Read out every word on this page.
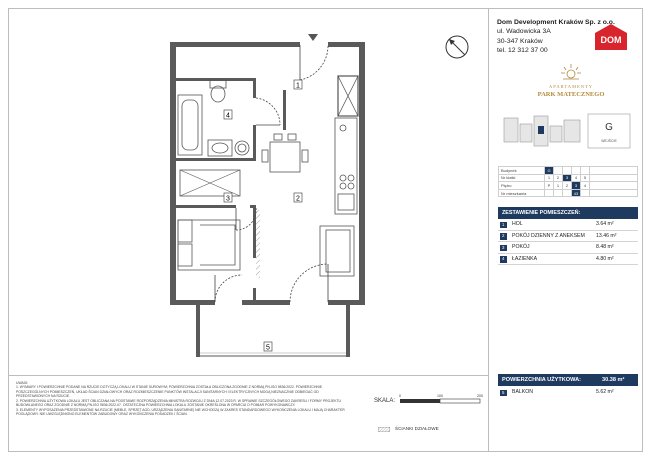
1
2
3
4
5
Dom Development Kraków Sp. z o.o.
ul. Wadowicka 3A
30-347 Kraków
tel. 12 312 37 00
DOM
APARTAMENTY
PARK MATECZNEGO
G
WEJŚCIE
Budynek	G					
Nr klatki	1	2	3	4	5	
Piętro	P	1	2	3	4	
Nr mieszkania				43		
ZESTAWIENIE POMIESZCZEŃ:
1	HOL	3.64 m²
2	POKÓJ DZIENNY Z ANEKSEM 13.46 m²
3	POKÓJ	8.48 m²
4	ŁAZIENKA	4.80 m²
POWIERZCHNIA UŻYTKOWA:	30.38 m²
5	BALKON	5.62 m²

UWAGI:

1. WYMIARY I POWIERZCHNIE PODANE NA RZUCIE DOTYCZĄ LOKALU W STANIE SUROWYM; POWIERZCHNIA ZOSTAŁA OBLICZONA ZGODNIE Z NORMĄ PN-ISO 9836:2022. POWIERZCHNIE POSZCZEGÓLNYCH POMIESZCZEŃ, UKŁAD ŚCIAN DZIAŁOWYCH ORAZ ROZMIESZCZENIE PUNKTÓW INSTALACJI SANITARNYCH I ELEKTRYCZNYCH MOGĄ NIEZNACZNIE ODBIEGAĆ OD PRZEDSTAWIONYCH NA RZUCIE.

2. POWIERZCHNIA UŻYTKOWA LOKALU JEST OBLICZANA NA PODSTAWIE ROZPORZĄDZENIA MINISTRA ROZWOJU Z DNIA 12.07.2023 R. W SPRAWIE SZCZEGÓŁOWEGO ZAKRESU I FORMY PROJEKTU BUDOWLANEGO ORAZ ZGODNIE Z NORMĄ PN-ISO 9836:2022-07. OSTATECZNA POWIERZCHNIA LOKALU ZOSTANIE OKREŚLONA W OPARCIU O POMIAR POWYKONAWCZY.

3. ELEMENTY WYPOSAŻENIA PRZEDSTAWIONE NA RZUCIE (MEBLE, SPRZĘT AGD, URZĄDZENIA SANITARNE) NIE WCHODZĄ W ZAKRES STANDARDOWEGO WYKOŃCZENIA LOKALU I MAJĄ CHARAKTER POGLĄDOWY. NIE UWZGLĘDNIONO ELEMENTÓW ZABUDOWY ORAZ WYKOŃCZENIA POSADZEK I ŚCIAN.

SKALA:
0	100	200
ŚCIANKI DZIAŁOWE
